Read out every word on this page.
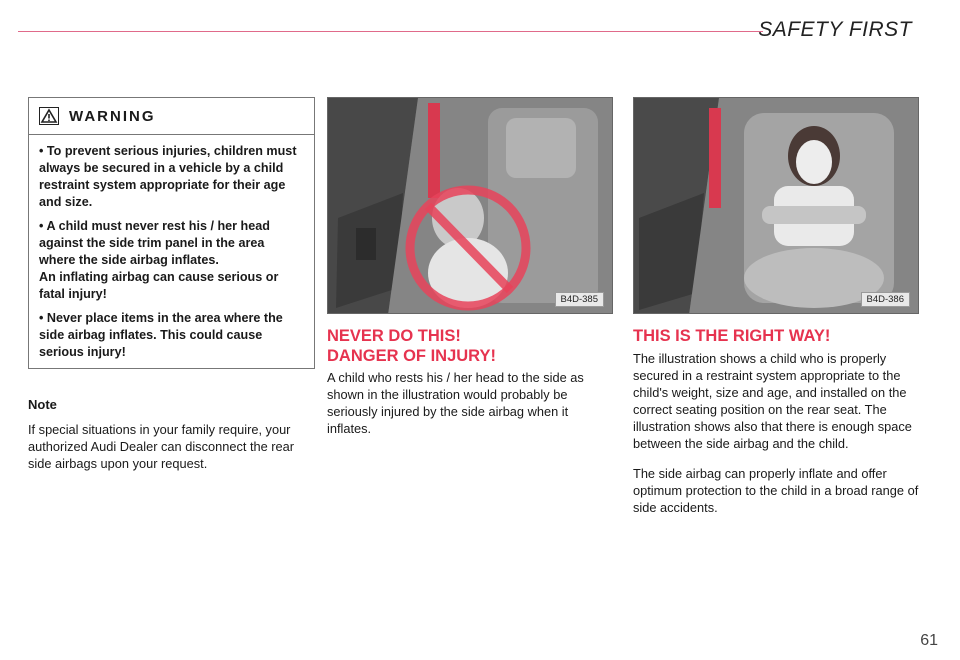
SAFETY FIRST
WARNING

• To prevent serious injuries, children must always be secured in a vehicle by a child restraint system appropriate for their age and size.

• A child must never rest his / her head against the side trim panel in the area where the side airbag inflates.

An inflating airbag can cause serious or fatal injury!

• Never place items in the area where the side airbag inflates. This could cause serious injury!

Note

If special situations in your family require, your authorized Audi Dealer can disconnect the rear side airbags upon your request.

B4D-385

NEVER DO THIS!

DANGER OF INJURY!

A child who rests his / her head to the side as shown in the illustration would probably be seriously injured by the side airbag when it inflates.

B4D-386

THIS IS THE RIGHT WAY!

The illustration shows a child who is properly secured in a restraint system appropriate to the child's weight, size and age, and installed on the correct seating position on the rear seat. The illustration shows also that there is enough space between the side airbag and the child.

The side airbag can properly inflate and offer optimum protection to the child in a broad range of side accidents.

61
